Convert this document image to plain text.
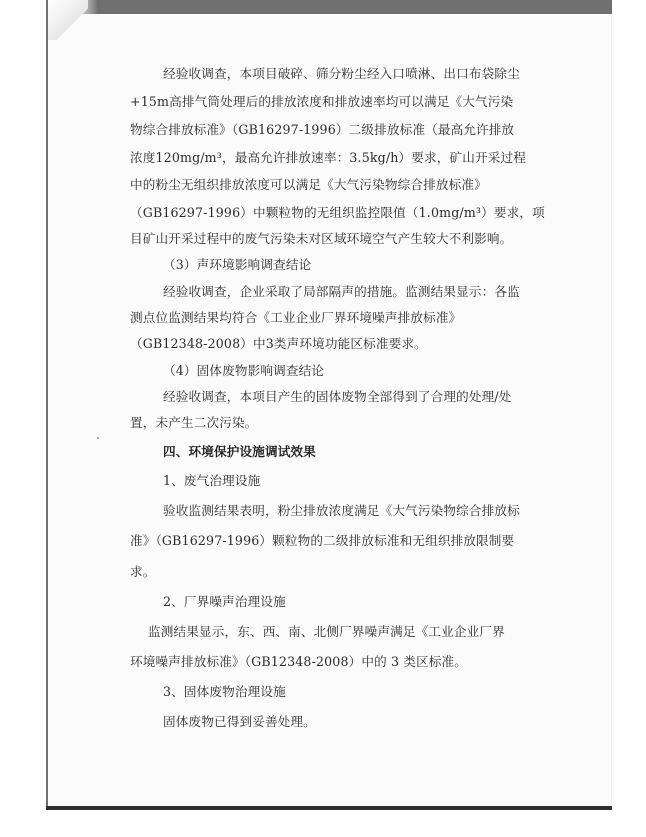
经验收调查，本项目破碎、筛分粉尘经入口喷淋、出口布袋除尘
+15m高排气筒处理后的排放浓度和排放速率均可以满足《大气污染
物综合排放标准》（GB16297-1996）二级排放标准（最高允许排放
浓度120mg/m³，最高允许排放速率：3.5kg/h）要求，矿山开采过程
中的粉尘无组织排放浓度可以满足《大气污染物综合排放标准》
（GB16297-1996）中颗粒物的无组织监控限值（1.0mg/m³）要求，项
目矿山开采过程中的废气污染未对区域环境空气产生较大不利影响。
（3）声环境影响调查结论
经验收调查，企业采取了局部隔声的措施。监测结果显示：各监
测点位监测结果均符合《工业企业厂界环境噪声排放标准》
（GB12348-2008）中3类声环境功能区标准要求。
（4）固体废物影响调查结论
经验收调查，本项目产生的固体废物全部得到了合理的处理/处
置，未产生二次污染。
四、环境保护设施调试效果
1、废气治理设施
验收监测结果表明，粉尘排放浓度满足《大气污染物综合排放标
准》（GB16297-1996）颗粒物的二级排放标准和无组织排放限制要
求。
2、厂界噪声治理设施
监测结果显示，东、西、南、北侧厂界噪声满足《工业企业厂界
环境噪声排放标准》（GB12348-2008）中的 3 类区标准。
3、固体废物治理设施
固体废物已得到妥善处理。
